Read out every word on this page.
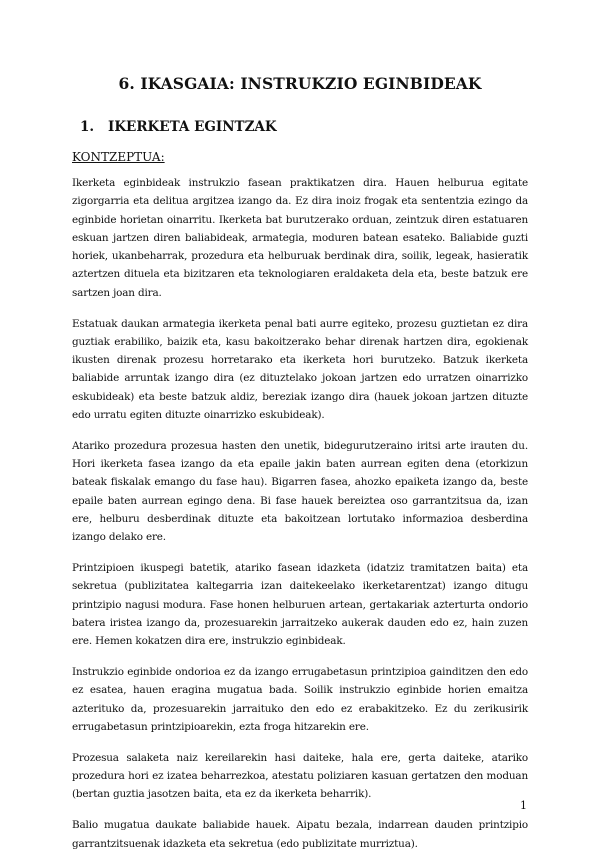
6. IKASGAIA: INSTRUKZIO EGINBIDEAK
1. IKERKETA EGINTZAK
KONTZEPTUA:

Ikerketa eginbideak instrukzio fasean praktikatzen dira. Hauen helburua egitate zigorgarria eta delitua argitzea izango da. Ez dira inoiz frogak eta sententzia ezingo da eginbide horietan oinarritu. Ikerketa bat burutzerako orduan, zeintzuk diren estatuaren eskuan jartzen diren baliabideak, armategia, moduren batean esateko. Baliabide guzti horiek, ukanbeharrak, prozedura eta helburuak berdinak dira, soilik, legeak, hasieratik aztertzen dituela eta bizitzaren eta teknologiaren eraldaketa dela eta, beste batzuk ere sartzen joan dira.

Estatuak daukan armategia ikerketa penal bati aurre egiteko, prozesu guztietan ez dira guztiak erabiliko, baizik eta, kasu bakoitzerako behar direnak hartzen dira, egokienak ikusten direnak prozesu horretarako eta ikerketa hori burutzeko. Batzuk ikerketa baliabide arruntak izango dira (ez dituztelako jokoan jartzen edo urratzen oinarrizko eskubideak) eta beste batzuk aldiz, bereziak izango dira (hauek jokoan jartzen dituzte edo urratu egiten dituzte oinarrizko eskubideak).

Atariko prozedura prozesua hasten den unetik, bidegurutzeraino iritsi arte irauten du. Hori ikerketa fasea izango da eta epaile jakin baten aurrean egiten dena (etorkizun bateak fiskalak emango du fase hau). Bigarren fasea, ahozko epaiketa izango da, beste epaile baten aurrean egingo dena. Bi fase hauek bereiztea oso garrantzitsua da, izan ere, helburu desberdinak dituzte eta bakoitzean lortutako informazioa desberdina izango delako ere.

Printzipioen ikuspegi batetik, atariko fasean idazketa (idatziz tramitatzen baita) eta sekretua (publizitatea kaltegarria izan daitekeelako ikerketarentzat) izango ditugu printzipio nagusi modura. Fase honen helburuen artean, gertakariak azterturta ondorio batera iristea izango da, prozesuarekin jarraitzeko aukerak dauden edo ez, hain zuzen ere. Hemen kokatzen dira ere, instrukzio eginbideak.

Instrukzio eginbide ondorioa ez da izango errugabetasun printzipioa gainditzen den edo ez esatea, hauen eragina mugatua bada. Soilik instrukzio eginbide horien emaitza azterituko da, prozesuarekin jarraituko den edo ez erabakitzeko. Ez du zerikusirik errugabetasun printzipioarekin, ezta froga hitzarekin ere.

Prozesua salaketa naiz kereilarekin hasi daiteke, hala ere, gerta daiteke, atariko prozedura hori ez izatea beharrezkoa, atestatu poliziaren kasuan gertatzen den moduan (bertan guztia jasotzen baita, eta ez da ikerketa beharrik).

Balio mugatua daukate baliabide hauek. Aipatu bezala, indarrean dauden printzipio garrantzitsuenak idazketa eta sekretua (edo publizitate murriztua).

1
